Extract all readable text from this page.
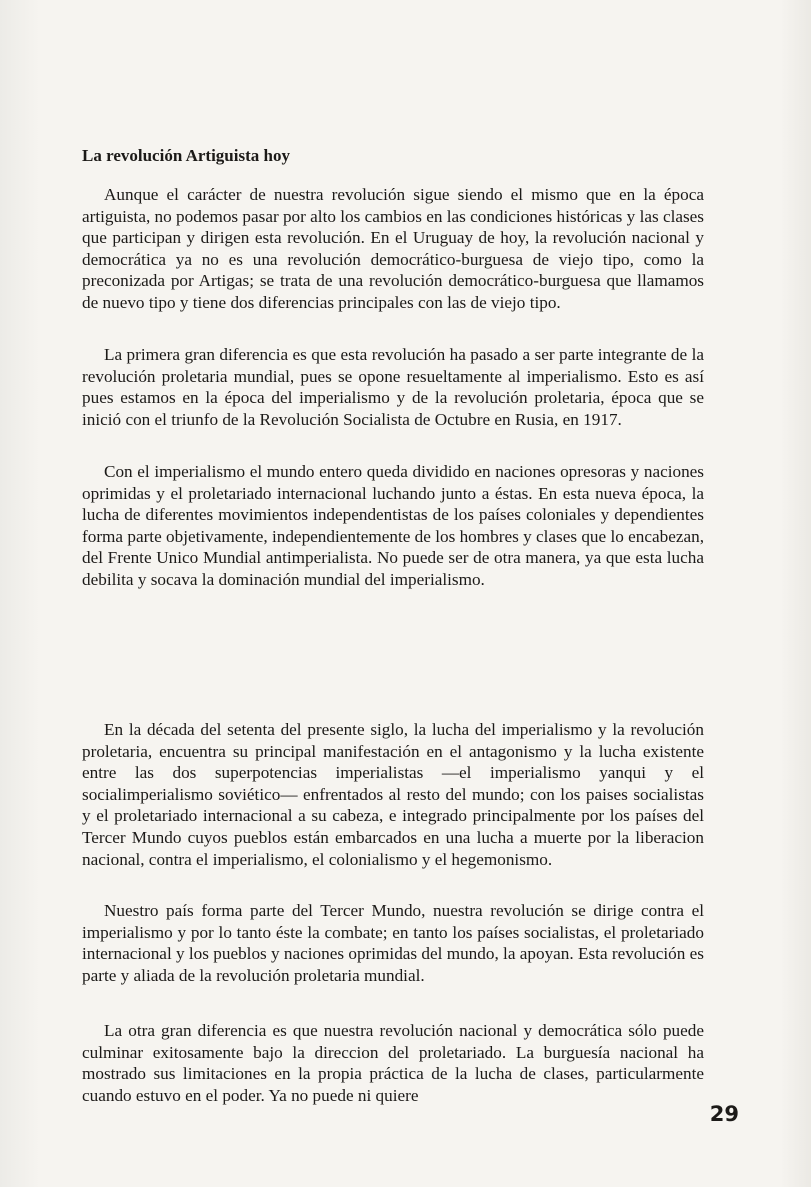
La revolución Artiguista hoy

Aunque el carácter de nuestra revolución sigue siendo el mismo que en la época artiguista, no podemos pasar por alto los cambios en las condiciones históricas y las clases que participan y dirigen esta revolución. En el Uruguay de hoy, la revolución nacional y democrática ya no es una revolución democrático-burguesa de viejo tipo, como la preconizada por Artigas; se trata de una revolución democrático-burguesa que llamamos de nuevo tipo y tiene dos diferencias principales con las de viejo tipo.

La primera gran diferencia es que esta revolución ha pasado a ser parte integrante de la revolución proletaria mundial, pues se opone resueltamente al imperialismo. Esto es así pues estamos en la época del imperialismo y de la revolución proletaria, época que se inició con el triunfo de la Revolución Socialista de Octubre en Rusia, en 1917.

Con el imperialismo el mundo entero queda dividido en naciones opresoras y naciones oprimidas y el proletariado internacional luchando junto a éstas. En esta nueva época, la lucha de diferentes movimientos independentistas de los países coloniales y dependientes forma parte objetivamente, independientemente de los hombres y clases que lo encabezan, del Frente Unico Mundial antimperialista. No puede ser de otra manera, ya que esta lucha debilita y socava la dominación mundial del imperialismo.

En la década del setenta del presente siglo, la lucha del imperialismo y la revolución proletaria, encuentra su principal manifestación en el antagonismo y la lucha existente entre las dos superpotencias imperialistas —el imperialismo yanqui y el socialimperialismo soviético— enfrentados al resto del mundo; con los paises socialistas y el proletariado internacional a su cabeza, e integrado principalmente por los países del Tercer Mundo cuyos pueblos están embarcados en una lucha a muerte por la liberacion nacional, contra el imperialismo, el colonialismo y el hegemonismo.

Nuestro país forma parte del Tercer Mundo, nuestra revolución se dirige contra el imperialismo y por lo tanto éste la combate; en tanto los países socialistas, el proletariado internacional y los pueblos y naciones oprimidas del mundo, la apoyan. Esta revolución es parte y aliada de la revolución proletaria mundial.

La otra gran diferencia es que nuestra revolución nacional y democrática sólo puede culminar exitosamente bajo la direccion del proletariado. La burguesía nacional ha mostrado sus limitaciones en la propia práctica de la lucha de clases, particularmente cuando estuvo en el poder. Ya no puede ni quiere

29
